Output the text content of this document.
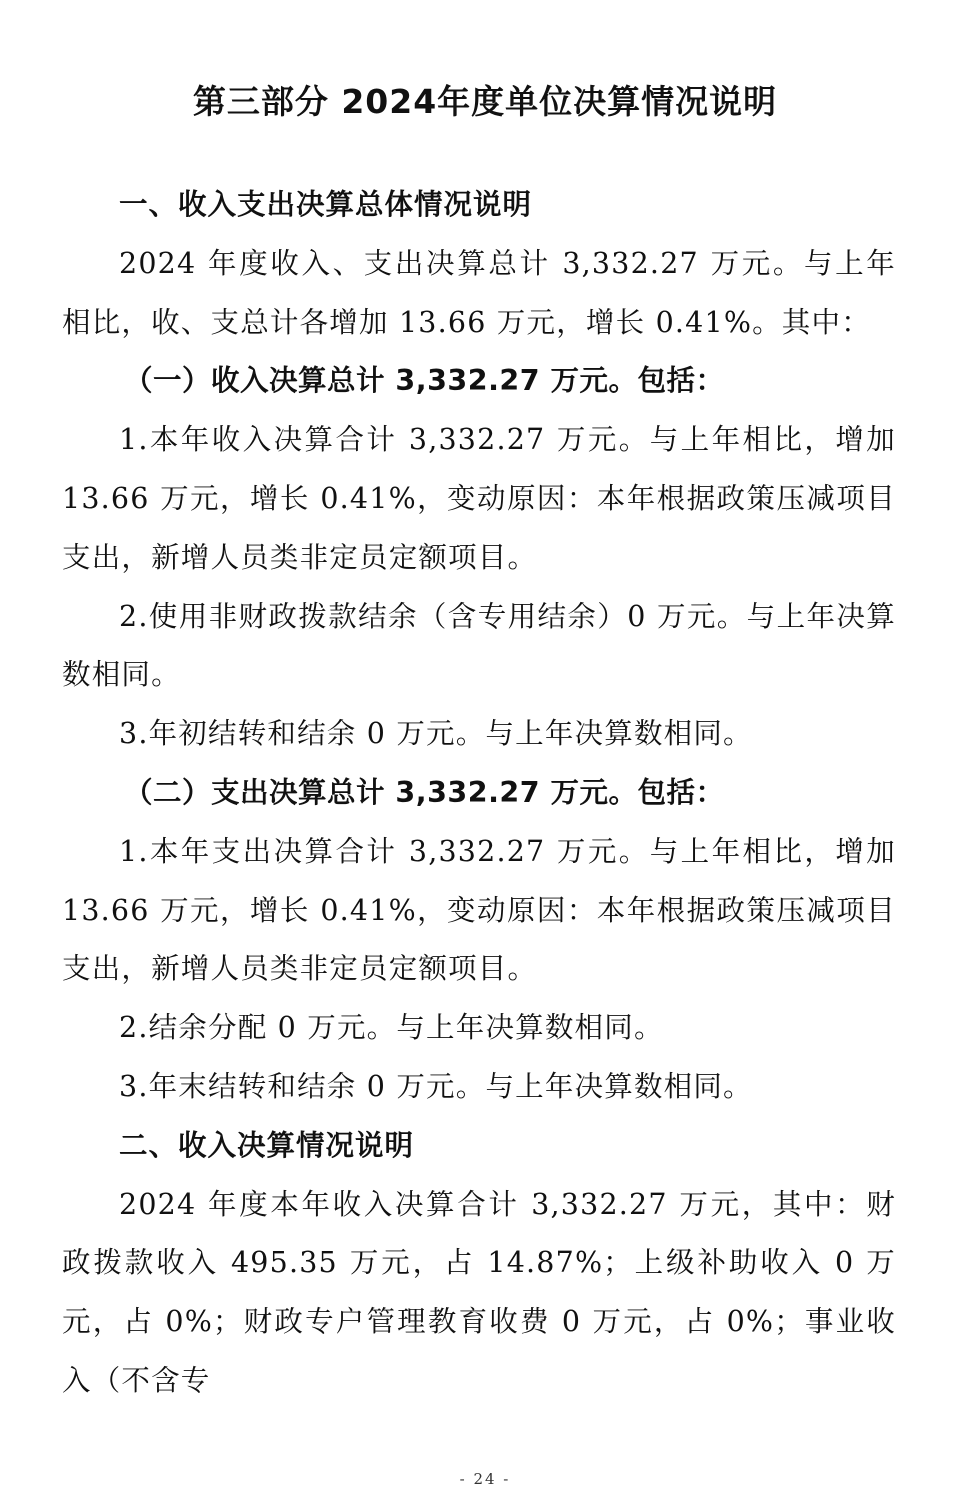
第三部分 2024年度单位决算情况说明

一、收入支出决算总体情况说明

2024 年度收入、支出决算总计 3,332.27 万元。与上年相比，收、支总计各增加 13.66 万元，增长 0.41%。其中：

（一）收入决算总计 3,332.27 万元。包括：

1.本年收入决算合计 3,332.27 万元。与上年相比，增加 13.66 万元，增长 0.41%，变动原因：本年根据政策压减项目支出，新增人员类非定员定额项目。

2.使用非财政拨款结余（含专用结余）0 万元。与上年决算数相同。

3.年初结转和结余 0 万元。与上年决算数相同。

（二）支出决算总计 3,332.27 万元。包括：

1.本年支出决算合计 3,332.27 万元。与上年相比，增加 13.66 万元，增长 0.41%，变动原因：本年根据政策压减项目支出，新增人员类非定员定额项目。

2.结余分配 0 万元。与上年决算数相同。

3.年末结转和结余 0 万元。与上年决算数相同。

二、收入决算情况说明

2024 年度本年收入决算合计 3,332.27 万元，其中：财政拨款收入 495.35 万元，占 14.87%；上级补助收入 0 万元，占 0%；财政专户管理教育收费 0 万元，占 0%；事业收入（不含专

- 24 -
